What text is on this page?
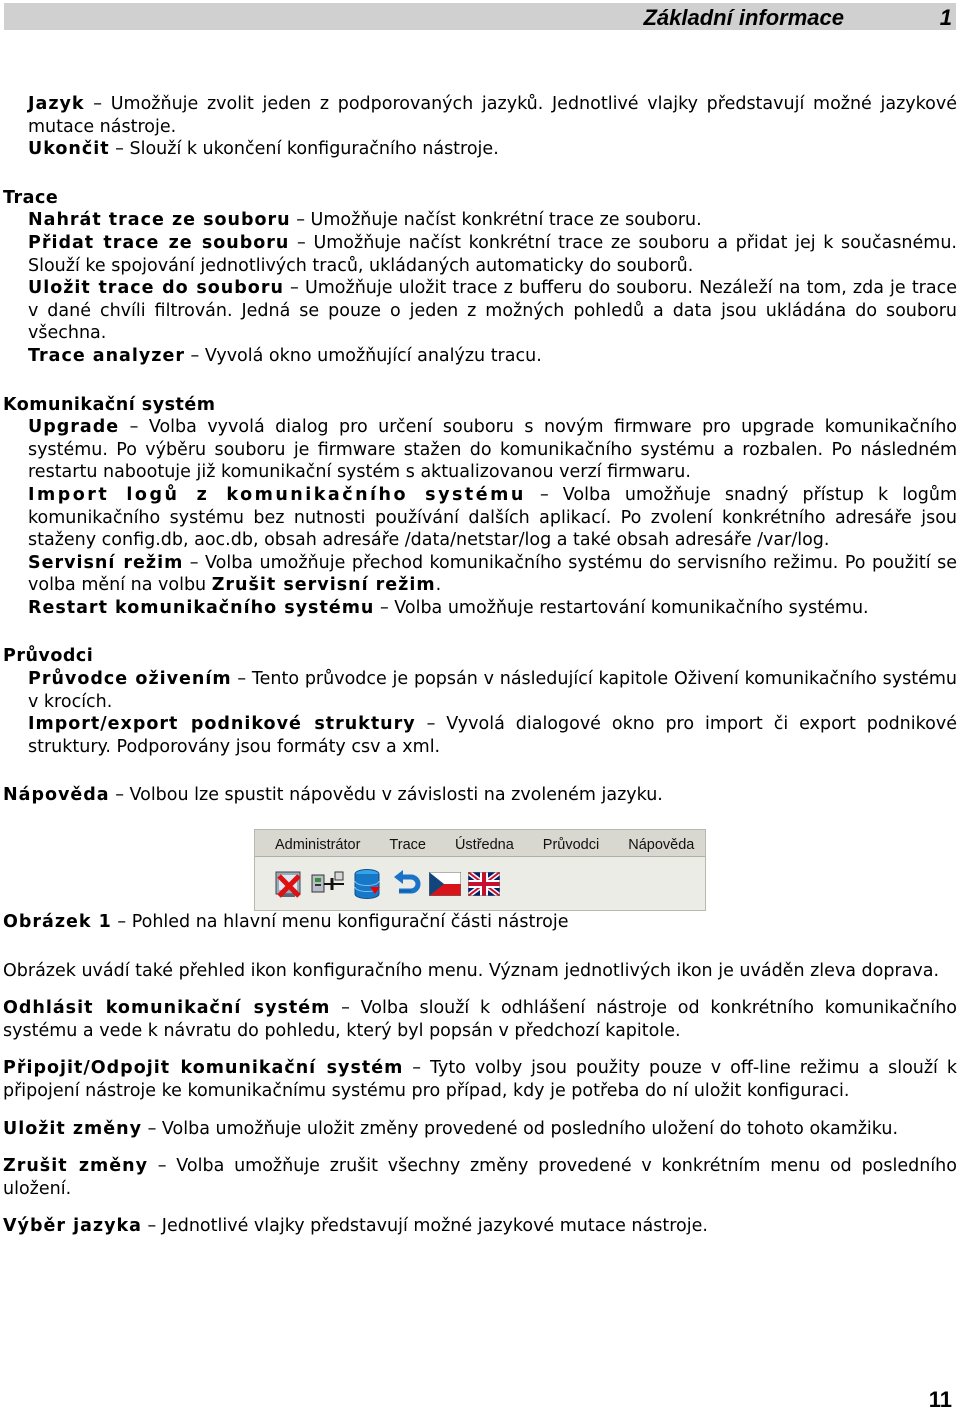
Základní informace	1

Jazyk – Umožňuje zvolit jeden z podporovaných jazyků. Jednotlivé vlajky představují možné jazykové mutace nástroje.

Ukončit – Slouží k ukončení konfiguračního nástroje.

Trace

Nahrát trace ze souboru – Umožňuje načíst konkrétní trace ze souboru.

Přidat trace ze souboru – Umožňuje načíst konkrétní trace ze souboru a přidat jej k současnému. Slouží ke spojování jednotlivých traců, ukládaných automaticky do souborů.

Uložit trace do souboru – Umožňuje uložit trace z bufferu do souboru. Nezáleží na tom, zda je trace v dané chvíli filtrován. Jedná se pouze o jeden z možných pohledů a data jsou ukládána do souboru všechna.

Trace analyzer – Vyvolá okno umožňující analýzu tracu.

Komunikační systém

Upgrade – Volba vyvolá dialog pro určení souboru s novým firmware pro upgrade komunikačního systému. Po výběru souboru je firmware stažen do komunikačního systému a rozbalen. Po následném restartu nabootuje již komunikační systém s aktualizovanou verzí firmwaru.

Import logů z komunikačního systému – Volba umožňuje snadný přístup k logům komunikačního systému bez nutnosti používání dalších aplikací. Po zvolení konkrétního adresáře jsou staženy config.db, aoc.db, obsah adresáře /data/netstar/log a také obsah adresáře /var/log.

Servisní režim – Volba umožňuje přechod komunikačního systému do servisního režimu. Po použití se volba mění na volbu Zrušit servisní režim.

Restart komunikačního systému – Volba umožňuje restartování komunikačního systému.

Průvodci

Průvodce oživením – Tento průvodce je popsán v následující kapitole Oživení komunikačního systému v krocích.

Import/export podnikové struktury – Vyvolá dialogové okno pro import či export podnikové struktury. Podporovány jsou formáty csv a xml.

Nápověda – Volbou lze spustit nápovědu v závislosti na zvoleném jazyku.

Administrátor	Trace	Ústředna	Průvodci	Nápověda

Obrázek 1 – Pohled na hlavní menu konfigurační části nástroje

Obrázek uvádí také přehled ikon konfiguračního menu. Význam jednotlivých ikon je uváděn zleva doprava.

Odhlásit komunikační systém – Volba slouží k odhlášení nástroje od konkrétního komunikačního systému a vede k návratu do pohledu, který byl popsán v předchozí kapitole.

Připojit/Odpojit komunikační systém – Tyto volby jsou použity pouze v off-line režimu a slouží k připojení nástroje ke komunikačnímu systému pro případ, kdy je potřeba do ní uložit konfiguraci.

Uložit změny – Volba umožňuje uložit změny provedené od posledního uložení do tohoto okamžiku.

Zrušit změny – Volba umožňuje zrušit všechny změny provedené v konkrétním menu od posledního uložení.

Výběr jazyka – Jednotlivé vlajky představují možné jazykové mutace nástroje.

11
